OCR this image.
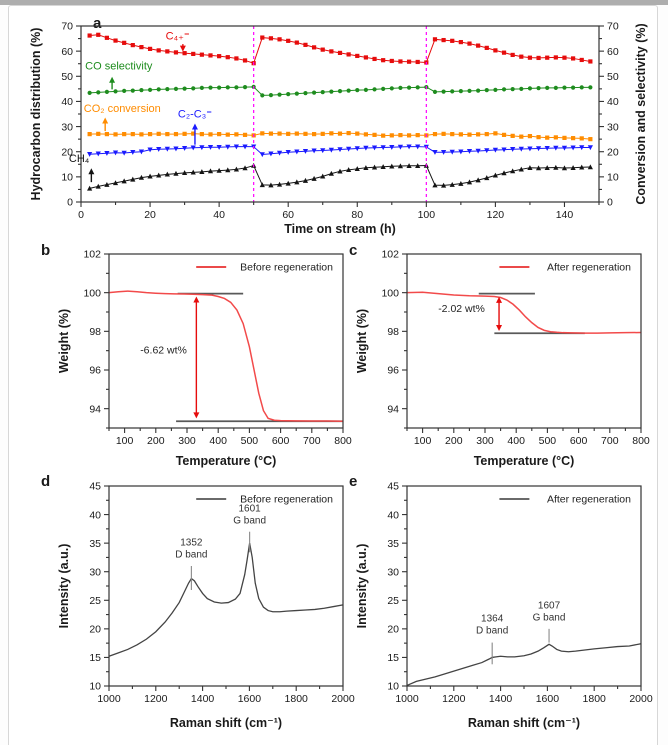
a
b	c
d	e
0	20	40	60	80	100	120	140
0
10
20
30
40
50
60
70
0
10
20
30
40
50
60
70
Time on stream (h)
Hydrocarbon distribution (%)	Conversion and selectivity (%)
C₄₊⁼
CO selectivity
CO₂ conversion C₂-C₃⁼
CH₄
100 200 300 400 500 600 700 800
94
96
98
100
102
Temperature (°C)
Weight (%)	-6.62 wt%
Before regeneration
100 200 300 400 500 600 700 800
94
96
98
100
102
Temperature (°C)
Weight (%)	-2.02 wt%
After regeneration
1000 1200 1400 1600 1800 2000
10
15
20
25
30
35
40
45
Raman shift (cm⁻¹)
Intensity (a.u.)
1352
D band
1601
G band
Before regeneration
1000 1200 1400 1600 1800 2000
10
15
20
25
30
35
40
45
Raman shift (cm⁻¹)
Intensity (a.u.)	1364
D band
1607
G band
After regeneration
